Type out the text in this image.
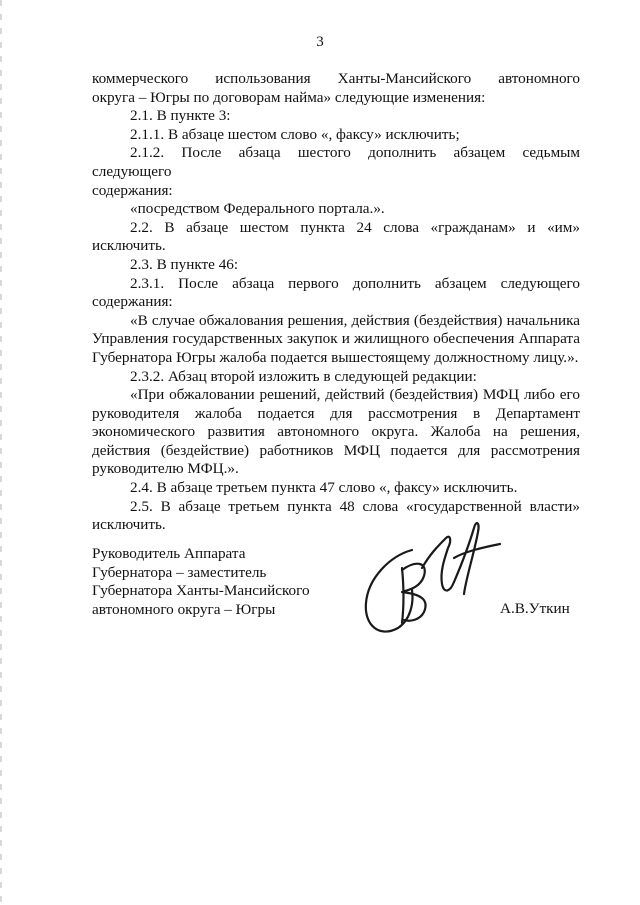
3
коммерческого использования Ханты-Мансийского автономного
округа – Югры по договорам найма» следующие изменения:
2.1. В пункте 3:
2.1.1. В абзаце шестом слово «, факсу» исключить;
2.1.2. После абзаца шестого дополнить абзацем седьмым следующего
содержания:
«посредством Федерального портала.».
2.2. В абзаце шестом пункта 24 слова «гражданам» и «им»
исключить.
2.3. В пункте 46:
2.3.1. После абзаца первого дополнить абзацем следующего
содержания:
«В случае обжалования решения, действия (бездействия) начальника
Управления государственных закупок и жилищного обеспечения Аппарата
Губернатора Югры жалоба подается вышестоящему должностному лицу.».
2.3.2. Абзац второй изложить в следующей редакции:
«При обжаловании решений, действий (бездействия) МФЦ либо его
руководителя жалоба подается для рассмотрения в Департамент
экономического развития автономного округа. Жалоба на решения,
действия (бездействие) работников МФЦ подается для рассмотрения
руководителю МФЦ.».
2.4. В абзаце третьем пункта 47 слово «, факсу» исключить.
2.5. В абзаце третьем пункта 48 слова «государственной власти»
исключить.
Руководитель Аппарата
Губернатора – заместитель
Губернатора Ханты-Мансийского
автономного округа – Югры	А.В.Уткин
